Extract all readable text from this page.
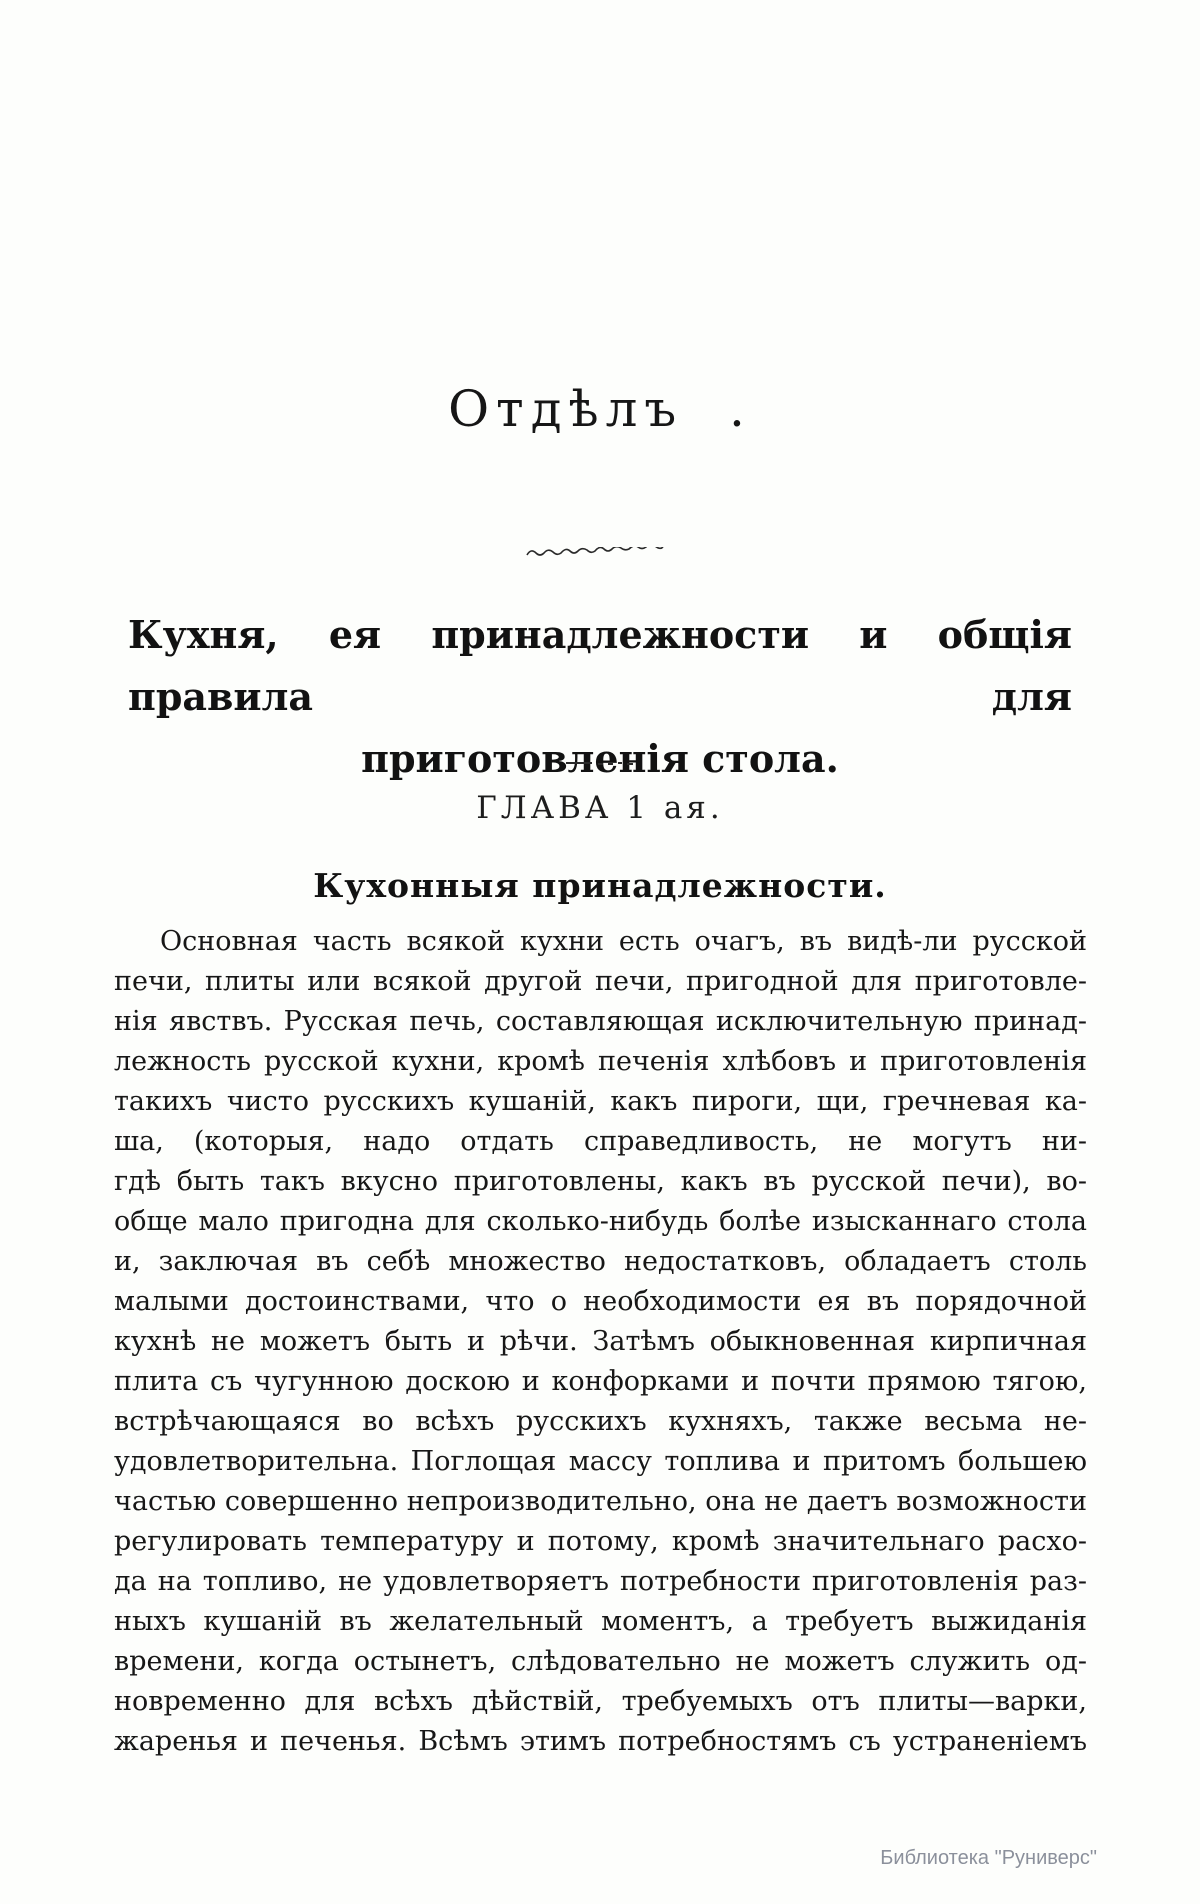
Отдѣлъ  .
Кухня, ея принадлежности и общія правила для
приготовленія стола.
ГЛАВА 1 ая.
Кухонныя принадлежности.
Основная часть всякой кухни есть очагъ, въ видѣ-ли русской
печи, плиты или всякой другой печи, пригодной для приготовле-
нія явствъ. Русская печь, составляющая исключительную принад-
лежность русской кухни, кромѣ печенія хлѣбовъ и приготовленія
такихъ чисто русскихъ кушаній, какъ пироги, щи, гречневая ка-
ша, (которыя, надо отдать справедливость, не могутъ ни-
гдѣ быть такъ вкусно приготовлены, какъ въ русской печи), во-
обще мало пригодна для сколько-нибудь болѣе изысканнаго стола
и, заключая въ себѣ множество недостатковъ, обладаетъ столь
малыми достоинствами, что о необходимости ея въ порядочной
кухнѣ не можетъ быть и рѣчи. Затѣмъ обыкновенная кирпичная
плита съ чугунною доскою и конфорками и почти прямою тягою,
встрѣчающаяся во всѣхъ русскихъ кухняхъ, также весьма не-
удовлетворительна. Поглощая массу топлива и притомъ большею
частью совершенно непроизводительно, она не даетъ возможности
регулировать температуру и потому, кромѣ значительнаго расхо-
да на топливо, не удовлетворяетъ потребности приготовленія раз-
ныхъ кушаній въ желательный моментъ, а требуетъ выжиданія
времени, когда остынетъ, слѣдовательно не можетъ служить од-
новременно для всѣхъ дѣйствій, требуемыхъ отъ плиты—варки,
жаренья и печенья. Всѣмъ этимъ потребностямъ съ устраненіемъ
Библиотека "Руниверс"
